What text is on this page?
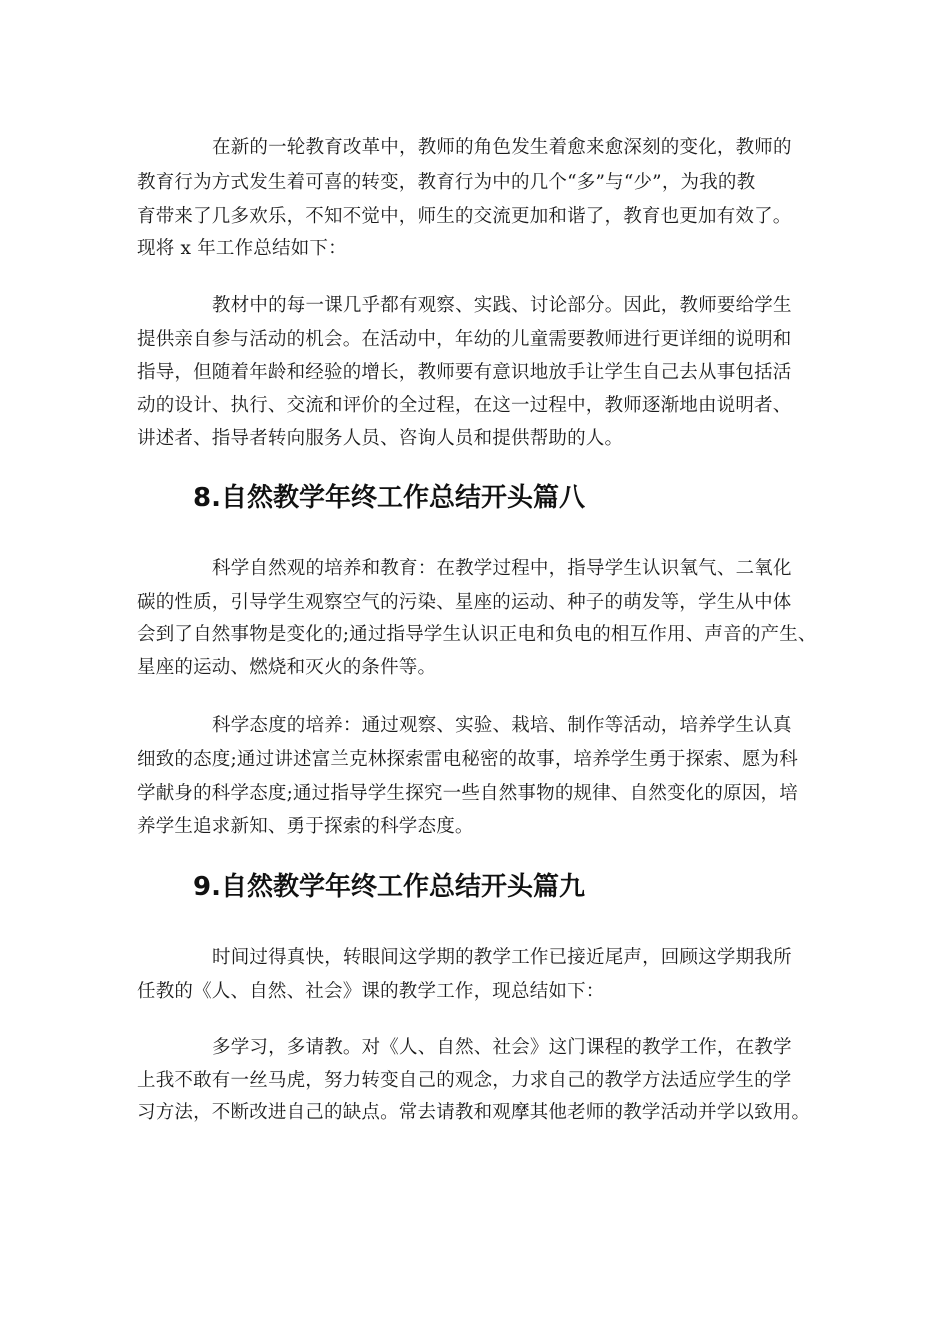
在新的一轮教育改革中，教师的角色发生着愈来愈深刻的变化，教师的
教育行为方式发生着可喜的转变，教育行为中的几个“多”与“少”，为我的教
育带来了几多欢乐，不知不觉中，师生的交流更加和谐了，教育也更加有效了。
现将 x 年工作总结如下：
教材中的每一课几乎都有观察、实践、讨论部分。因此，教师要给学生
提供亲自参与活动的机会。在活动中，年幼的儿童需要教师进行更详细的说明和
指导，但随着年龄和经验的增长，教师要有意识地放手让学生自己去从事包括活
动的设计、执行、交流和评价的全过程，在这一过程中，教师逐渐地由说明者、
讲述者、指导者转向服务人员、咨询人员和提供帮助的人。
8.自然教学年终工作总结开头篇八
科学自然观的培养和教育：在教学过程中，指导学生认识氧气、二氧化
碳的性质，引导学生观察空气的污染、星座的运动、种子的萌发等，学生从中体
会到了自然事物是变化的;通过指导学生认识正电和负电的相互作用、声音的产生、
星座的运动、燃烧和灭火的条件等。
科学态度的培养：通过观察、实验、栽培、制作等活动，培养学生认真
细致的态度;通过讲述富兰克林探索雷电秘密的故事，培养学生勇于探索、愿为科
学献身的科学态度;通过指导学生探究一些自然事物的规律、自然变化的原因，培
养学生追求新知、勇于探索的科学态度。
9.自然教学年终工作总结开头篇九
时间过得真快，转眼间这学期的教学工作已接近尾声，回顾这学期我所
任教的《人、自然、社会》课的教学工作，现总结如下：
多学习，多请教。对《人、自然、社会》这门课程的教学工作，在教学
上我不敢有一丝马虎，努力转变自己的观念，力求自己的教学方法适应学生的学
习方法，不断改进自己的缺点。常去请教和观摩其他老师的教学活动并学以致用。
